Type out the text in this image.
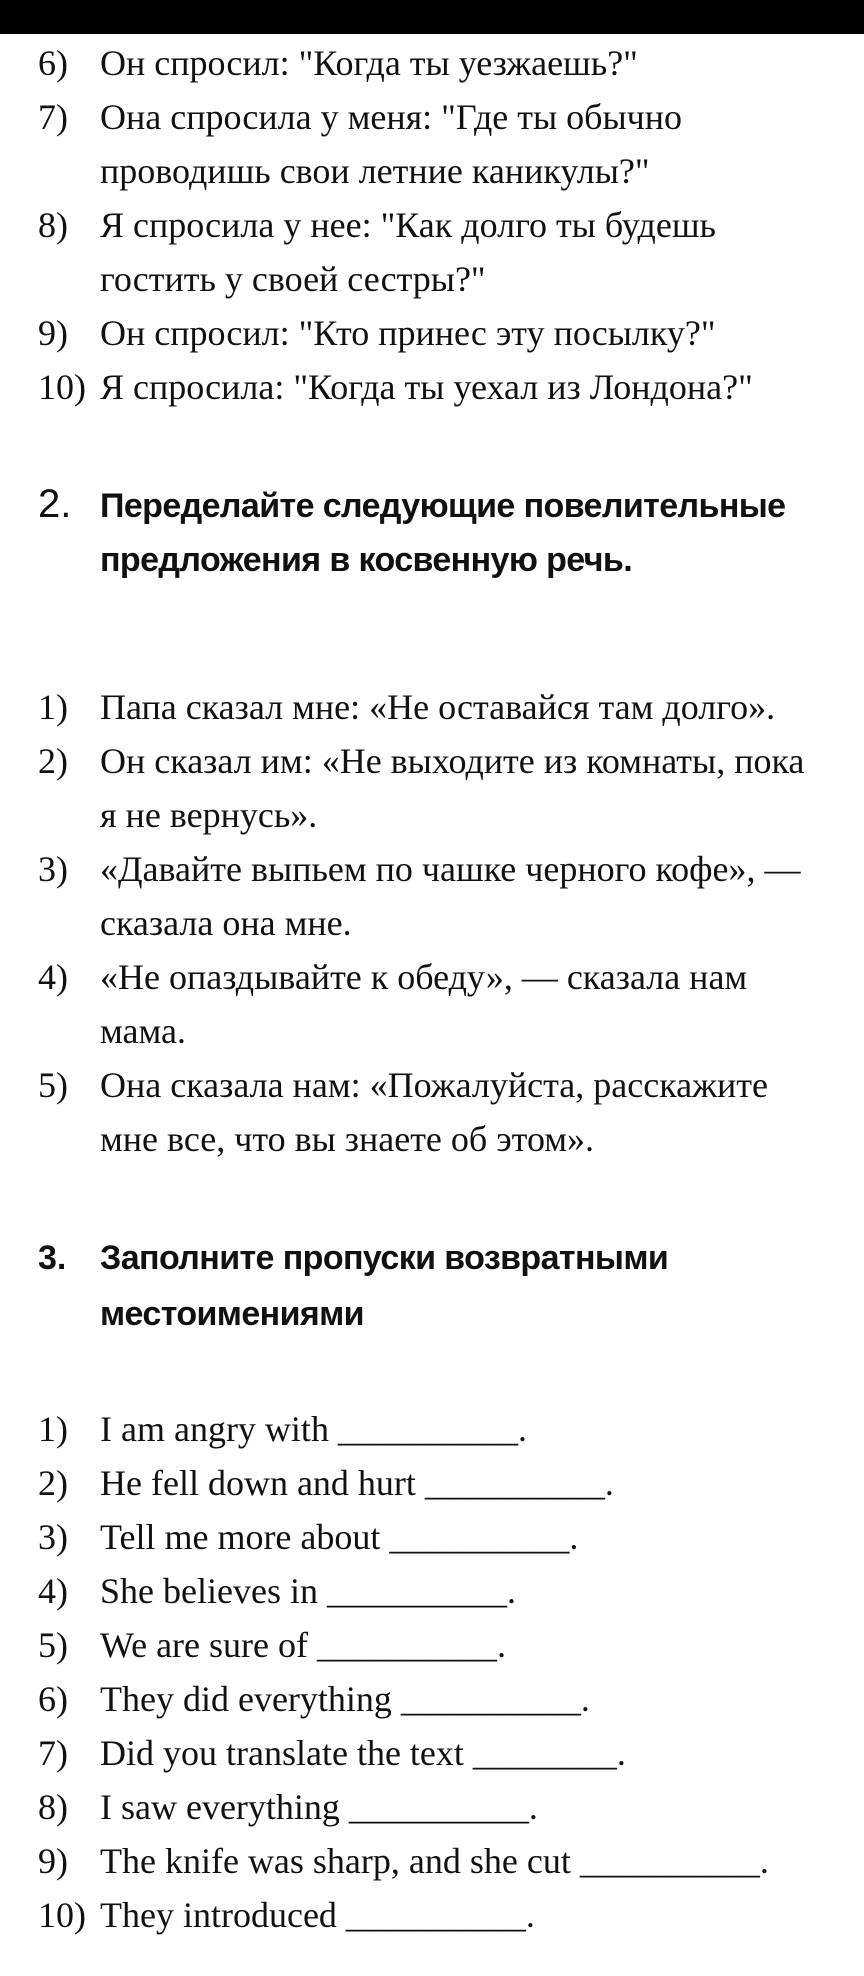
6) Он спросил: "Когда ты уезжаешь?"
7) Она спросила у меня: "Где ты обычно
проводишь свои летние каникулы?"
8) Я спросила у нее: "Как долго ты будешь
гостить у своей сестры?"
9) Он спросил: "Кто принес эту посылку?"
10) Я спросила: "Когда ты уехал из Лондона?"
2. Переделайте следующие повелительные
предложения в косвенную речь.
1) Папа сказал мне: «Не оставайся там долго».
2) Он сказал им: «Не выходите из комнаты, пока
я не вернусь».
3) «Давайте выпьем по чашке черного кофе», —
сказала она мне.
4) «Не опаздывайте к обеду», — сказала нам
мама.
5) Она сказала нам: «Пожалуйста, расскажите
мне все, что вы знаете об этом».
3. Заполните пропуски возвратными
местоимениями
1) I am angry with __________.
2) He fell down and hurt __________.
3) Tell me more about __________.
4) She believes in __________.
5) We are sure of __________.
6) They did everything __________.
7) Did you translate the text ________.
8) I saw everything __________.
9) The knife was sharp, and she cut __________.
10) They introduced __________.
